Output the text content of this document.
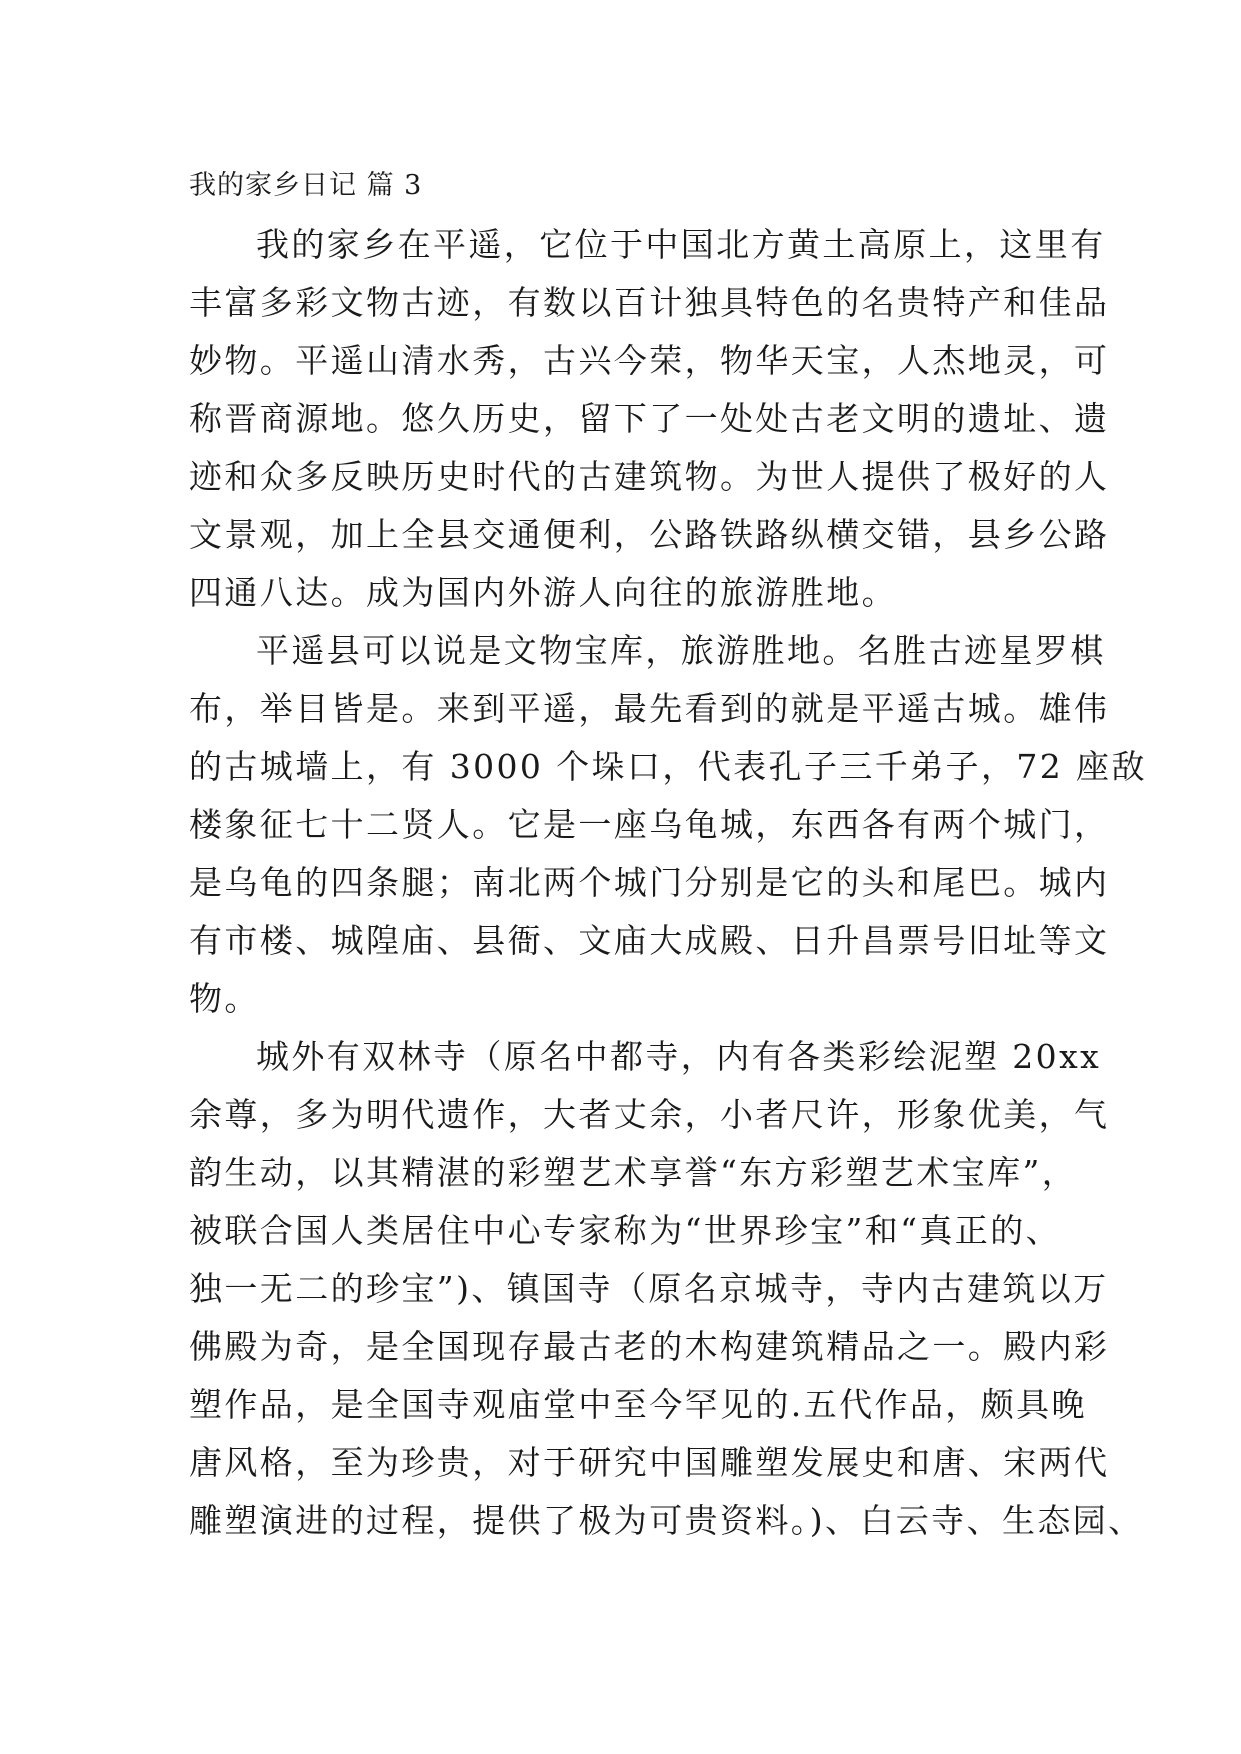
我的家乡日记 篇 3
我的家乡在平遥，它位于中国北方黄土高原上，这里有
丰富多彩文物古迹，有数以百计独具特色的名贵特产和佳品
妙物。平遥山清水秀，古兴今荣，物华天宝，人杰地灵，可
称晋商源地。悠久历史，留下了一处处古老文明的遗址、遗
迹和众多反映历史时代的古建筑物。为世人提供了极好的人
文景观，加上全县交通便利，公路铁路纵横交错，县乡公路
四通八达。成为国内外游人向往的旅游胜地。
平遥县可以说是文物宝库，旅游胜地。名胜古迹星罗棋
布，举目皆是。来到平遥，最先看到的就是平遥古城。雄伟
的古城墙上，有 3000 个垛口，代表孔子三千弟子，72 座敌
楼象征七十二贤人。它是一座乌龟城，东西各有两个城门，
是乌龟的四条腿；南北两个城门分别是它的头和尾巴。城内
有市楼、城隍庙、县衙、文庙大成殿、日升昌票号旧址等文
物。
城外有双林寺（原名中都寺，内有各类彩绘泥塑 20xx
余尊，多为明代遗作，大者丈余，小者尺许，形象优美，气
韵生动，以其精湛的彩塑艺术享誉“东方彩塑艺术宝库”，
被联合国人类居住中心专家称为“世界珍宝”和“真正的、
独一无二的珍宝”)、镇国寺（原名京城寺，寺内古建筑以万
佛殿为奇，是全国现存最古老的木构建筑精品之一。殿内彩
塑作品，是全国寺观庙堂中至今罕见的.五代作品，颇具晚
唐风格，至为珍贵，对于研究中国雕塑发展史和唐、宋两代
雕塑演进的过程，提供了极为可贵资料。)、白云寺、生态园、
